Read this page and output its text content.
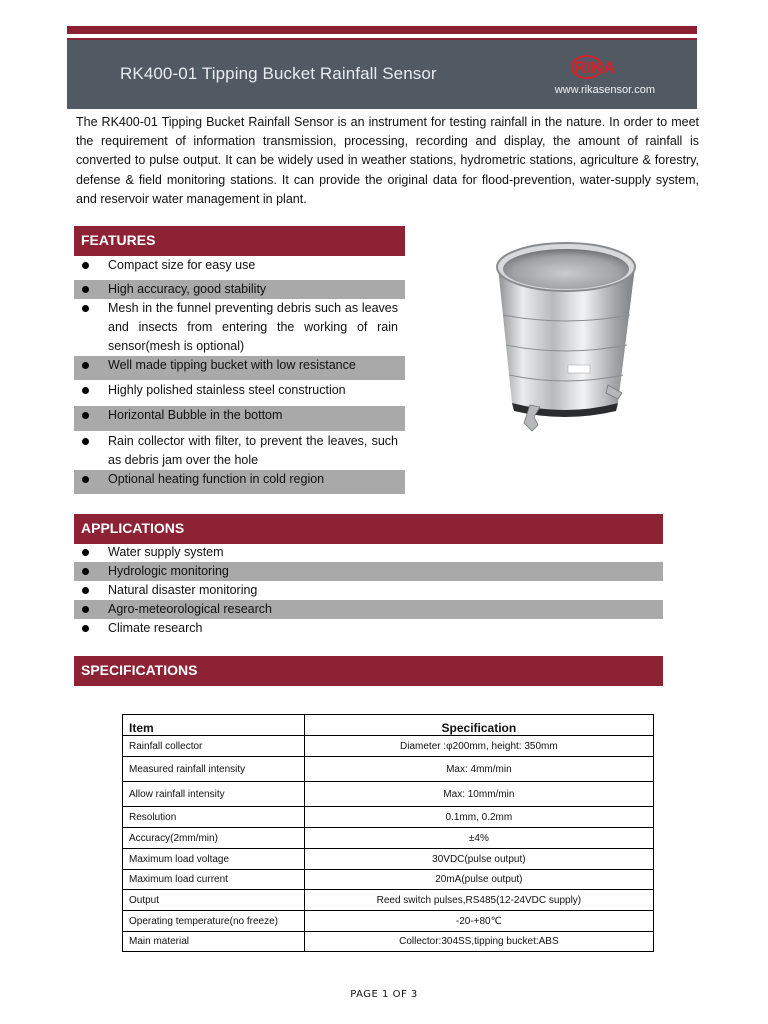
RK400-01 Tipping Bucket Rainfall Sensor	RIKA
www.rikasensor.com
The RK400-01 Tipping Bucket Rainfall Sensor is an instrument for testing rainfall in the nature. In order to meet the requirement of information transmission, processing, recording and display, the amount of rainfall is converted to pulse output. It can be widely used in weather stations, hydrometric stations, agriculture & forestry, defense & field monitoring stations. It can provide the original data for flood-prevention, water-supply system, and reservoir water management in plant.
FEATURES
Compact size for easy use
High accuracy, good stability
Mesh in the funnel preventing debris such as leaves and insects from entering the working of rain sensor(mesh is optional)
Well made tipping bucket with low resistance
Highly polished stainless steel construction
Horizontal Bubble in the bottom
Rain collector with filter, to prevent the leaves, such as debris jam over the hole
Optional heating function in cold region
APPLICATIONS
Water supply system
Hydrologic monitoring
Natural disaster monitoring
Agro-meteorological research
Climate research
SPECIFICATIONS
Item	Specification
Rainfall collector	Diameter :φ200mm, height: 350mm
Measured rainfall intensity	Max: 4mm/min
Allow rainfall intensity	Max: 10mm/min
Resolution	0.1mm, 0.2mm
Accuracy(2mm/min)	±4%
Maximum load voltage	30VDC(pulse output)
Maximum load current	20mA(pulse output)
Output	Reed switch pulses,RS485(12-24VDC supply)
Operating temperature(no freeze)	-20-+80℃
Main material	Collector:304SS,tipping bucket:ABS
PAGE 1 OF 3
